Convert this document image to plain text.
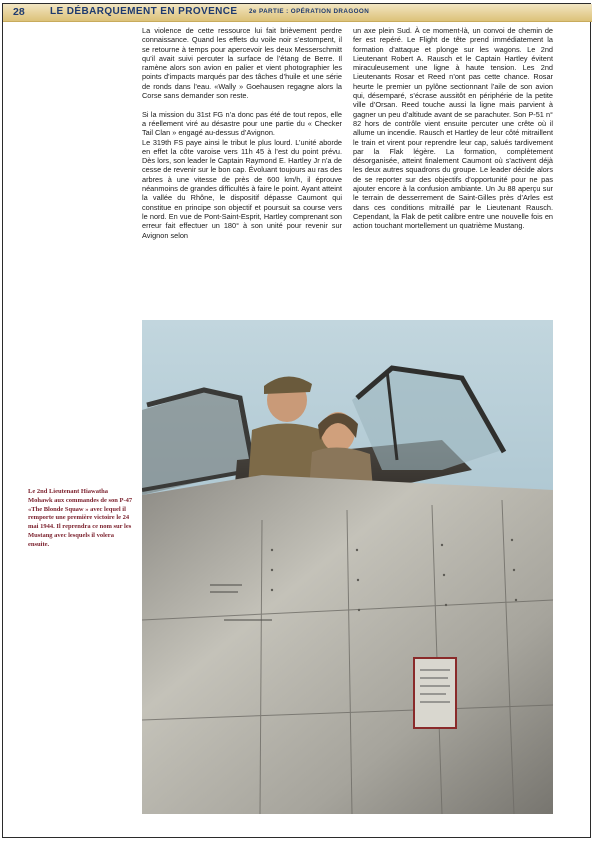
28	LE DÉBARQUEMENT EN PROVENCE 2e PARTIE : OPÉRATION DRAGOON

La violence de cette ressource lui fait brièvement perdre connaissance. Quand les effets du voile noir s’estompent, il se retourne à temps pour apercevoir les deux Messerschmitt qu’il avait suivi percuter la surface de l’étang de Berre. Il ramène alors son avion en palier et vient photographier les points d’impacts marqués par des tâches d’huile et une série de ronds dans l’eau. «Wally » Goehausen regagne alors la Corse sans demander son reste.

Si la mission du 31st FG n’a donc pas été de tout repos, elle a réellement viré au désastre pour une partie du « Checker Tail Clan » engagé au-dessus d’Avignon.

Le 319th FS paye ainsi le tribut le plus lourd. L’unité aborde en effet la côte varoise vers 11h 45 à l’est du point prévu. Dès lors, son leader le Captain Raymond E. Hartley Jr n’a de cesse de revenir sur le bon cap. Évoluant toujours au ras des arbres à une vitesse de près de 600 km/h, il éprouve néanmoins de grandes difficultés à faire le point. Ayant atteint la vallée du Rhône, le dispositif dépasse Caumont qui constitue en principe son objectif et poursuit sa course vers le nord. En vue de Pont-Saint-Esprit, Hartley comprenant son erreur fait effectuer un 180° à son unité pour revenir sur Avignon selon

un axe plein Sud. À ce moment-là, un convoi de chemin de fer est repéré. Le Flight de tête prend immédiatement la formation d’attaque et plonge sur les wagons. Le 2nd Lieutenant Robert A. Rausch et le Captain Hartley évitent miraculeusement une ligne à haute tension. Les 2nd Lieutenants Rosar et Reed n’ont pas cette chance. Rosar heurte le premier un pylône sectionnant l’aile de son avion qui, désemparé, s’écrase aussitôt en périphérie de la petite ville d’Orsan. Reed touche aussi la ligne mais parvient à gagner un peu d’altitude avant de se parachuter. Son P-51 n° 82 hors de contrôle vient ensuite percuter une crête où il allume un incendie. Rausch et Hartley de leur côté mitraillent le train et virent pour reprendre leur cap, salués tardivement par la Flak légère. La formation, complètement désorganisée, atteint finalement Caumont où s’activent déjà les deux autres squadrons du groupe. Le leader décide alors de se reporter sur des objectifs d’opportunité pour ne pas ajouter encore à la confusion ambiante. Un Ju 88 aperçu sur le terrain de desserrement de Saint-Gilles près d’Arles est dans ces conditions mitraillé par le Lieutenant Rausch. Cependant, la Flak de petit calibre entre une nouvelle fois en action touchant mortellement un quatrième Mustang.

Le 2nd Lieutenant Hiawatha Mohawk aux commandes de son P-47 «The Blonde Squaw » avec lequel il remporte une première victoire le 24 mai 1944. Il reprendra ce nom sur les Mustang avec lesquels il volera ensuite.
